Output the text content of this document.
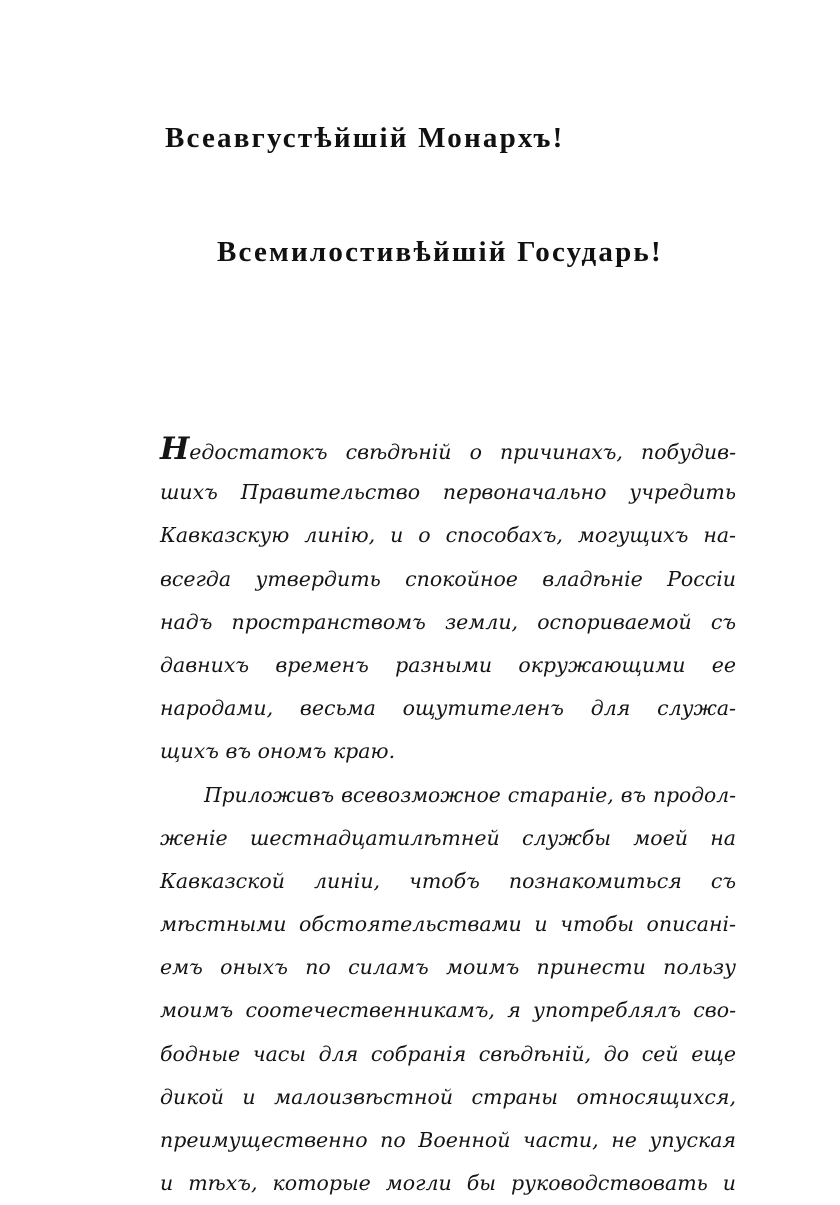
Всеавгустѣйшій Монархъ!
Всемилостивѣйшій Государь!

Недостатокъ свѣдѣній о причинахъ, побудив-
шихъ Правительство первоначально учредить
Кавказскую линію, и о способахъ, могущихъ на-
всегда утвердить спокойное владѣніе Россіи
надъ пространствомъ земли, оспориваемой съ
давнихъ временъ разными окружающими ее
народами, весьма ощутителенъ для служа-
щихъ въ ономъ краю.

Приложивъ всевозможное стараніе, въ продол-
женіе шестнадцатилѣтней службы моей на
Кавказской линіи, чтобъ познакомиться съ
мѣстными обстоятельствами и чтобы описані-
емъ оныхъ по силамъ моимъ принести пользу
моимъ соотечественникамъ, я употреблялъ сво-
бодные часы для собранія свѣдѣній, до сей еще
дикой и малоизвѣстной страны относящихся,
преимущественно по Военной части, не упуская
и тѣхъ, которые могли бы руководствовать и
